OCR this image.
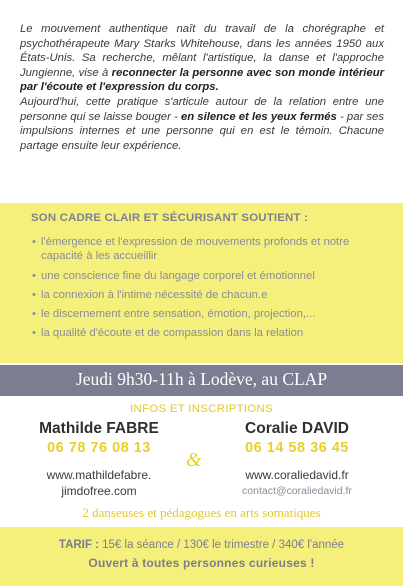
Le mouvement authentique naît du travail de la chorégraphe et psychothérapeute Mary Starks Whitehouse, dans les années 1950 aux États-Unis. Sa recherche, mêlant l'artistique, la danse et l'approche Jungienne, vise à reconnecter la personne avec son monde intérieur par l'écoute et l'expression du corps.
Aujourd'hui, cette pratique s'articule autour de la relation entre une personne qui se laisse bouger - en silence et les yeux fermés - par ses impulsions internes et une personne qui en est le témoin. Chacune partage ensuite leur expérience.
SON CADRE CLAIR ET SÉCURISANT SOUTIENT :
• l'émergence et l'expression de mouvements profonds et notre capacité à les accueillir
• une conscience fine du langage corporel et émotionnel
• la connexion à l'intime nécessité de chacun.e
• le discernement entre sensation, émotion, projection,...
• la qualité d'écoute et de compassion dans la relation
Jeudi 9h30-11h à Lodève, au CLAP
INFOS ET INSCRIPTIONS
Mathilde FABRE
06 78 76 08 13
&
Coralie DAVID
06 14 58 36 45
www.mathildefabre.
jimdofree.com
www.coraliedavid.fr
contact@coraliedavid.fr
2 danseuses et pédagogues en arts somatiques
TARIF : 15€ la séance / 130€ le trimestre / 340€ l'année
Ouvert à toutes personnes curieuses !
